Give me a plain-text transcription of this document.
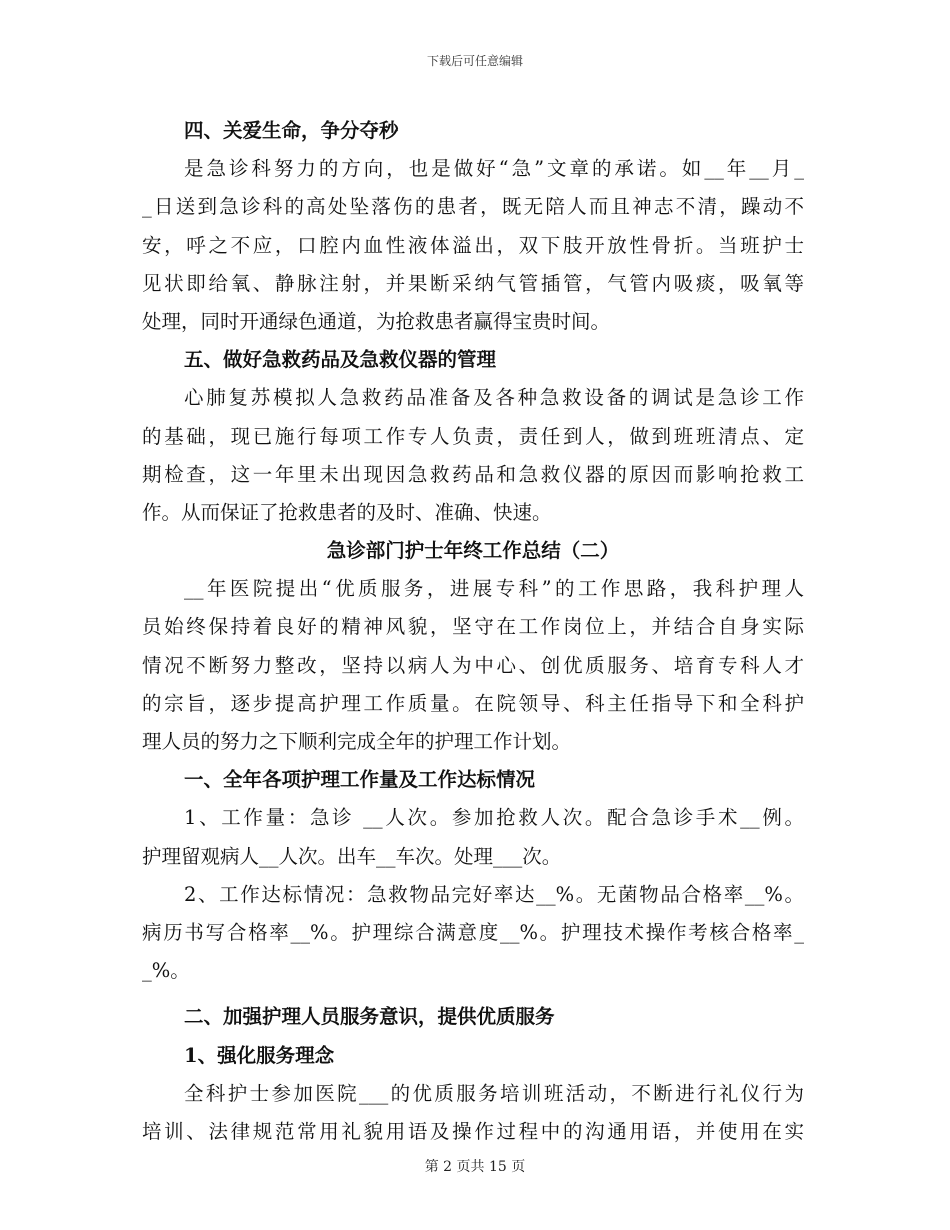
下载后可任意编辑
四、关爱生命，争分夺秒
是急诊科努力的方向，也是做好“急”文章的承诺。如__年__月_
_日送到急诊科的高处坠落伤的患者，既无陪人而且神志不清，躁动不
安，呼之不应，口腔内血性液体溢出，双下肢开放性骨折。当班护士
见状即给氧、静脉注射，并果断采纳气管插管，气管内吸痰，吸氧等
处理，同时开通绿色通道，为抢救患者赢得宝贵时间。
五、做好急救药品及急救仪器的管理
心肺复苏模拟人急救药品准备及各种急救设备的调试是急诊工作
的基础，现已施行每项工作专人负责，责任到人，做到班班清点、定
期检查，这一年里未出现因急救药品和急救仪器的原因而影响抢救工
作。从而保证了抢救患者的及时、准确、快速。
急诊部门护士年终工作总结（二）
__年医院提出“优质服务，进展专科”的工作思路，我科护理人
员始终保持着良好的精神风貌，坚守在工作岗位上，并结合自身实际
情况不断努力整改，坚持以病人为中心、创优质服务、培育专科人才
的宗旨，逐步提高护理工作质量。在院领导、科主任指导下和全科护
理人员的努力之下顺利完成全年的护理工作计划。
一、全年各项护理工作量及工作达标情况
1、工作量：急诊 __人次。参加抢救人次。配合急诊手术__例。
护理留观病人__人次。出车__车次。处理___次。
2、工作达标情况：急救物品完好率达__%。无菌物品合格率__%。
病历书写合格率__%。护理综合满意度__%。护理技术操作考核合格率_
_%。
二、加强护理人员服务意识，提供优质服务
1、强化服务理念
全科护士参加医院___的优质服务培训班活动，不断进行礼仪行为
培训、法律规范常用礼貌用语及操作过程中的沟通用语，并使用在实
第 2 页共 15 页
